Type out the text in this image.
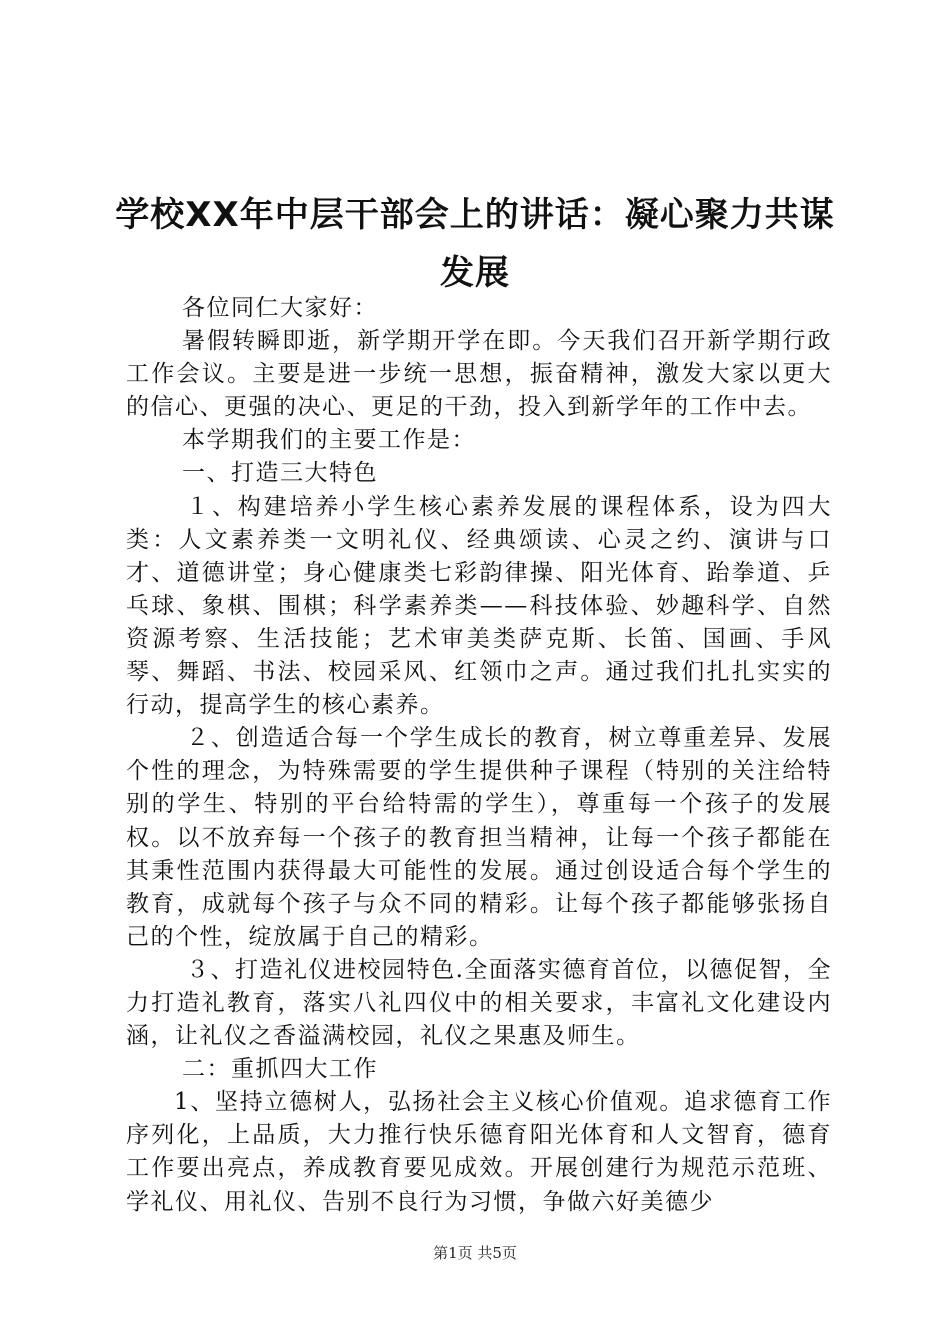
学校XX年中层干部会上的讲话：凝心聚力共谋发展

各位同仁大家好：

暑假转瞬即逝，新学期开学在即。今天我们召开新学期行政工作会议。主要是进一步统一思想，振奋精神，激发大家以更大的信心、更强的决心、更足的干劲，投入到新学年的工作中去。

本学期我们的主要工作是：

一、打造三大特色

１、构建培养小学生核心素养发展的课程体系，设为四大类：人文素养类一文明礼仪、经典颂读、心灵之约、演讲与口才、道德讲堂；身心健康类七彩韵律操、阳光体育、跆拳道、乒乓球、象棋、围棋；科学素养类——科技体验、妙趣科学、自然资源考察、生活技能；艺术审美类萨克斯、长笛、国画、手风琴、舞蹈、书法、校园采风、红领巾之声。通过我们扎扎实实的行动，提高学生的核心素养。

２、创造适合每一个学生成长的教育，树立尊重差异、发展个性的理念，为特殊需要的学生提供种子课程（特别的关注给特别的学生、特别的平台给特需的学生），尊重每一个孩子的发展权。以不放弃每一个孩子的教育担当精神，让每一个孩子都能在其秉性范围内获得最大可能性的发展。通过创设适合每个学生的教育，成就每个孩子与众不同的精彩。让每个孩子都能够张扬自己的个性，绽放属于自己的精彩。

３、打造礼仪进校园特色.全面落实德育首位，以德促智，全力打造礼教育，落实八礼四仪中的相关要求，丰富礼文化建设内涵，让礼仪之香溢满校园，礼仪之果惠及师生。

二：重抓四大工作

1、坚持立德树人，弘扬社会主义核心价值观。追求德育工作序列化，上品质，大力推行快乐德育阳光体育和人文智育，德育工作要出亮点，养成教育要见成效。开展创建行为规范示范班、学礼仪、用礼仪、告别不良行为习惯，争做六好美德少

第1页 共5页
